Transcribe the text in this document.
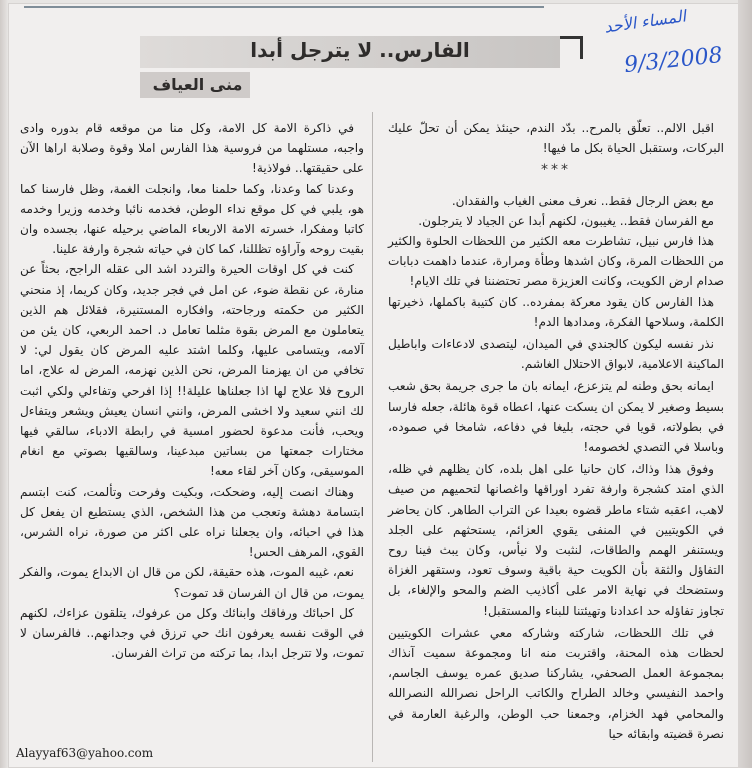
المساء الأحد
9/3/2008
الفارس.. لا يترجل أبدا
منى العياف

اقبل الالم.. تعلّق بالمرح.. بدّد الندم، حينئذ يمكن أن تحلّ عليك البركات، وستقبل الحياة بكل ما فيها!

***

مع بعض الرجال فقط.. نعرف معنى الغياب والفقدان.

مع الفرسان فقط.. يغيبون، لكنهم أبدا عن الجياد لا يترجلون.

هذا فارس نبيل، تشاطرت معه الكثير من اللحظات الحلوة والكثير من اللحظات المرة، وكان اشدها وطأة ومرارة، عندما داهمت دبابات صدام ارض الكويت، وكانت العزيزة مصر تحتضننا في تلك الايام!

هذا الفارس كان يقود معركة بمفرده.. كان كتيبة باكملها، ذخيرتها الكلمة، وسلاحها الفكرة، ومدادها الدم!

نذر نفسه ليكون كالجندي في الميدان، ليتصدى لادعاءات واباطيل الماكينة الاعلامية، لابواق الاحتلال الغاشم.

ايمانه بحق وطنه لم يتزعزع، ايمانه بان ما جرى جريمة بحق شعب بسيط وصغير لا يمكن ان يسكت عنها، اعطاه قوة هائلة، جعله فارسا في بطولاته، قويا في حجته، بليغا في دفاعه، شامخا في صموده، وباسلا في التصدي لخصومه!

وفوق هذا وذاك، كان حانيا على اهل بلده، كان يظلهم في ظله، الذي امتد كشجرة وارفة تفرد اوراقها واغصانها لتحميهم من صيف لاهب، اعقبه شتاء ماطر قضوه بعيدا عن التراب الطاهر. كان يحاضر في الكويتيين في المنفى يقوي العزائم، يستحثهم على الجلد ويستنفر الهمم والطاقات، لنثبت ولا نيأس، وكان يبث فينا روح التفاؤل والثقة بأن الكويت حية باقية وسوف تعود، وستقهر الغزاة وستضحك في نهاية الامر على أكاذيب الضم والمحو والإلغاء، بل تجاوز تفاؤله حد اعدادنا وتهيئتنا للبناء والمستقبل!

في تلك اللحظات، شاركته وشاركه معي عشرات الكويتيين لحظات هذه المحنة، واقتربت منه انا ومجموعة سميت آنذاك بمجموعة العمل الصحفي، يشاركنا صديق عمره يوسف الجاسم، واحمد النفيسي وخالد الطراح والكاتب الراحل نصرالله النصرالله والمحامي فهد الخزام، وجمعنا حب الوطن، والرغبة العارمة في نصرة قضيته وابقائه حيا

في ذاكرة الامة كل الامة، وكل منا من موقعه قام بدوره وادى واجبه، مستلهما من فروسية هذا الفارس املا وقوة وصلابة اراها الآن على حقيقتها.. فولاذية!

وعدنا كما وعدنا، وكما حلمنا معا، وانجلت الغمة، وظل فارسنا كما هو، يلبي في كل موقع نداء الوطن، فخدمه نائبا وخدمه وزيرا وخدمه كاتبا ومفكرا، خسرته الامة الاربعاء الماضي برحيله عنها، بجسده وان بقيت روحه وآراؤه تظللنا، كما كان في حياته شجرة وارفة علينا.

كنت في كل اوقات الحيرة والتردد اشد الى عقله الراجح، بحثاً عن منارة، عن نقطة ضوء، عن امل في فجر جديد، وكان كريما، إذ منحني الكثير من حكمته ورجاحته، وافكاره المستنيرة، فقلائل هم الذين يتعاملون مع المرض بقوة مثلما تعامل د. احمد الربعي، كان يئن من آلامه، ويتسامى عليها، وكلما اشتد عليه المرض كان يقول لي: لا تخافي من ان يهزمنا المرض، نحن الذين نهزمه، المرض له علاج، اما الروح فلا علاج لها اذا جعلناها عليلة!! إذا افرحي وتفاءلي ولكي اثبت لك انني سعيد ولا اخشى المرض، وانني انسان يعيش ويشعر ويتفاءل ويحب، فأنت مدعوة لحضور امسية في رابطة الادباء، سالقي فيها مختارات جمعتها من بساتين مبدعينا، وسالقيها بصوتي مع انغام الموسيقى، وكان آخر لقاء معه!

وهناك انصت إليه، وضحكت، وبكيت وفرحت وتألمت، كنت ابتسم ابتسامة دهشة وتعجب من هذا الشخص، الذي يستطيع ان يفعل كل هذا في احبائه، وان يجعلنا نراه على اكثر من صورة، نراه الشرس، القوي، المرهف الحس!

نعم، غيبه الموت، هذه حقيقة، لكن من قال ان الابداع يموت، والفكر يموت، من قال ان الفرسان قد تموت؟

كل احبائك ورفاقك وابنائك وكل من عرفوك، يتلقون عزاءك، لكنهم في الوقت نفسه يعرفون انك حي ترزق في وجدانهم.. فالفرسان لا تموت، ولا تترجل ابدا، بما تركته من تراث الفرسان.

Alayyaf63@yahoo.com
